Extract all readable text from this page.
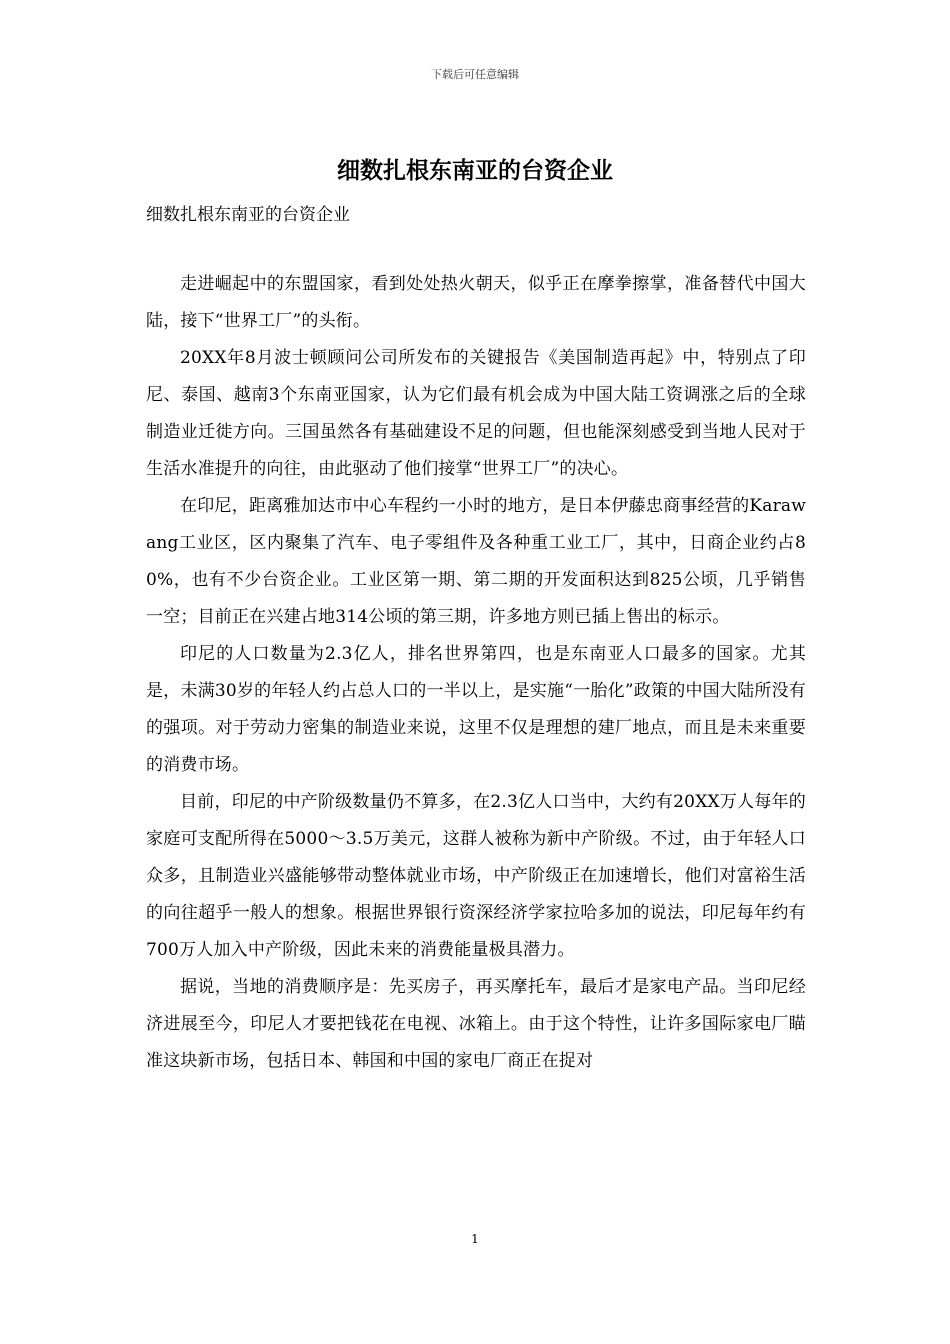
下载后可任意编辑
细数扎根东南亚的台资企业

细数扎根东南亚的台资企业

走进崛起中的东盟国家，看到处处热火朝天，似乎正在摩拳擦掌，准备替代中国大陆，接下“世界工厂”的头衔。

20XX年8月波士顿顾问公司所发布的关键报告《美国制造再起》中，特别点了印尼、泰国、越南3个东南亚国家，认为它们最有机会成为中国大陆工资调涨之后的全球制造业迁徙方向。三国虽然各有基础建设不足的问题，但也能深刻感受到当地人民对于生活水准提升的向往，由此驱动了他们接掌“世界工厂”的决心。

在印尼，距离雅加达市中心车程约一小时的地方，是日本伊藤忠商事经营的Karawang工业区，区内聚集了汽车、电子零组件及各种重工业工厂，其中，日商企业约占80%，也有不少台资企业。工业区第一期、第二期的开发面积达到825公顷，几乎销售一空；目前正在兴建占地314公顷的第三期，许多地方则已插上售出的标示。

印尼的人口数量为2.3亿人，排名世界第四，也是东南亚人口最多的国家。尤其是，未满30岁的年轻人约占总人口的一半以上，是实施“一胎化”政策的中国大陆所没有的强项。对于劳动力密集的制造业来说，这里不仅是理想的建厂地点，而且是未来重要的消费市场。

目前，印尼的中产阶级数量仍不算多，在2.3亿人口当中，大约有20XX万人每年的家庭可支配所得在5000～3.5万美元，这群人被称为新中产阶级。不过，由于年轻人口众多，且制造业兴盛能够带动整体就业市场，中产阶级正在加速增长，他们对富裕生活的向往超乎一般人的想象。根据世界银行资深经济学家拉哈多加的说法，印尼每年约有700万人加入中产阶级，因此未来的消费能量极具潜力。

据说，当地的消费顺序是：先买房子，再买摩托车，最后才是家电产品。当印尼经济进展至今，印尼人才要把钱花在电视、冰箱上。由于这个特性，让许多国际家电厂瞄准这块新市场，包括日本、韩国和中国的家电厂商正在捉对

1
